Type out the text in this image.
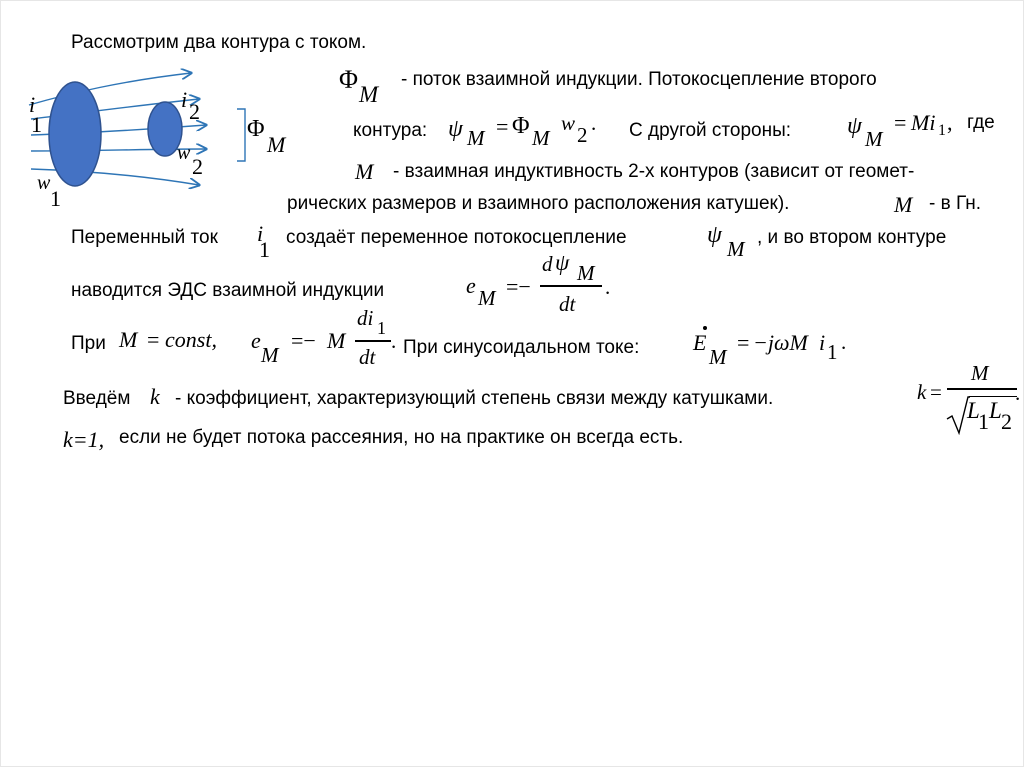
i
1
i 2
w
2
w
1
Φ
M
Рассмотрим два контура с током.
Φ
M
- поток взаимной индукции. Потокосцепление второго
контура: ψ M = Φ M
w 2 . С другой стороны: ψ M
= Mi 1 , где
M - взаимная индуктивность 2-х контуров (зависит от геомет-
рических размеров и взаимного расположения катушек).	M - в Гн.
Переменный ток i
1 создаёт переменное потокосцепление	ψ
M , и во втором контуре
наводится ЭДС взаимной индукции	e M =−
d ψ M
dt
.
При M = const, e
M
=− M
di 1
dt
. При синусоидальном токе: E
M
= −jωM i 1 .
Введём k - коэффициент, характеризующий степень связи между катушками.	k =
M
L
1 L 2
.
k=1, если не будет потока рассеяния, но на практике он всегда есть.
